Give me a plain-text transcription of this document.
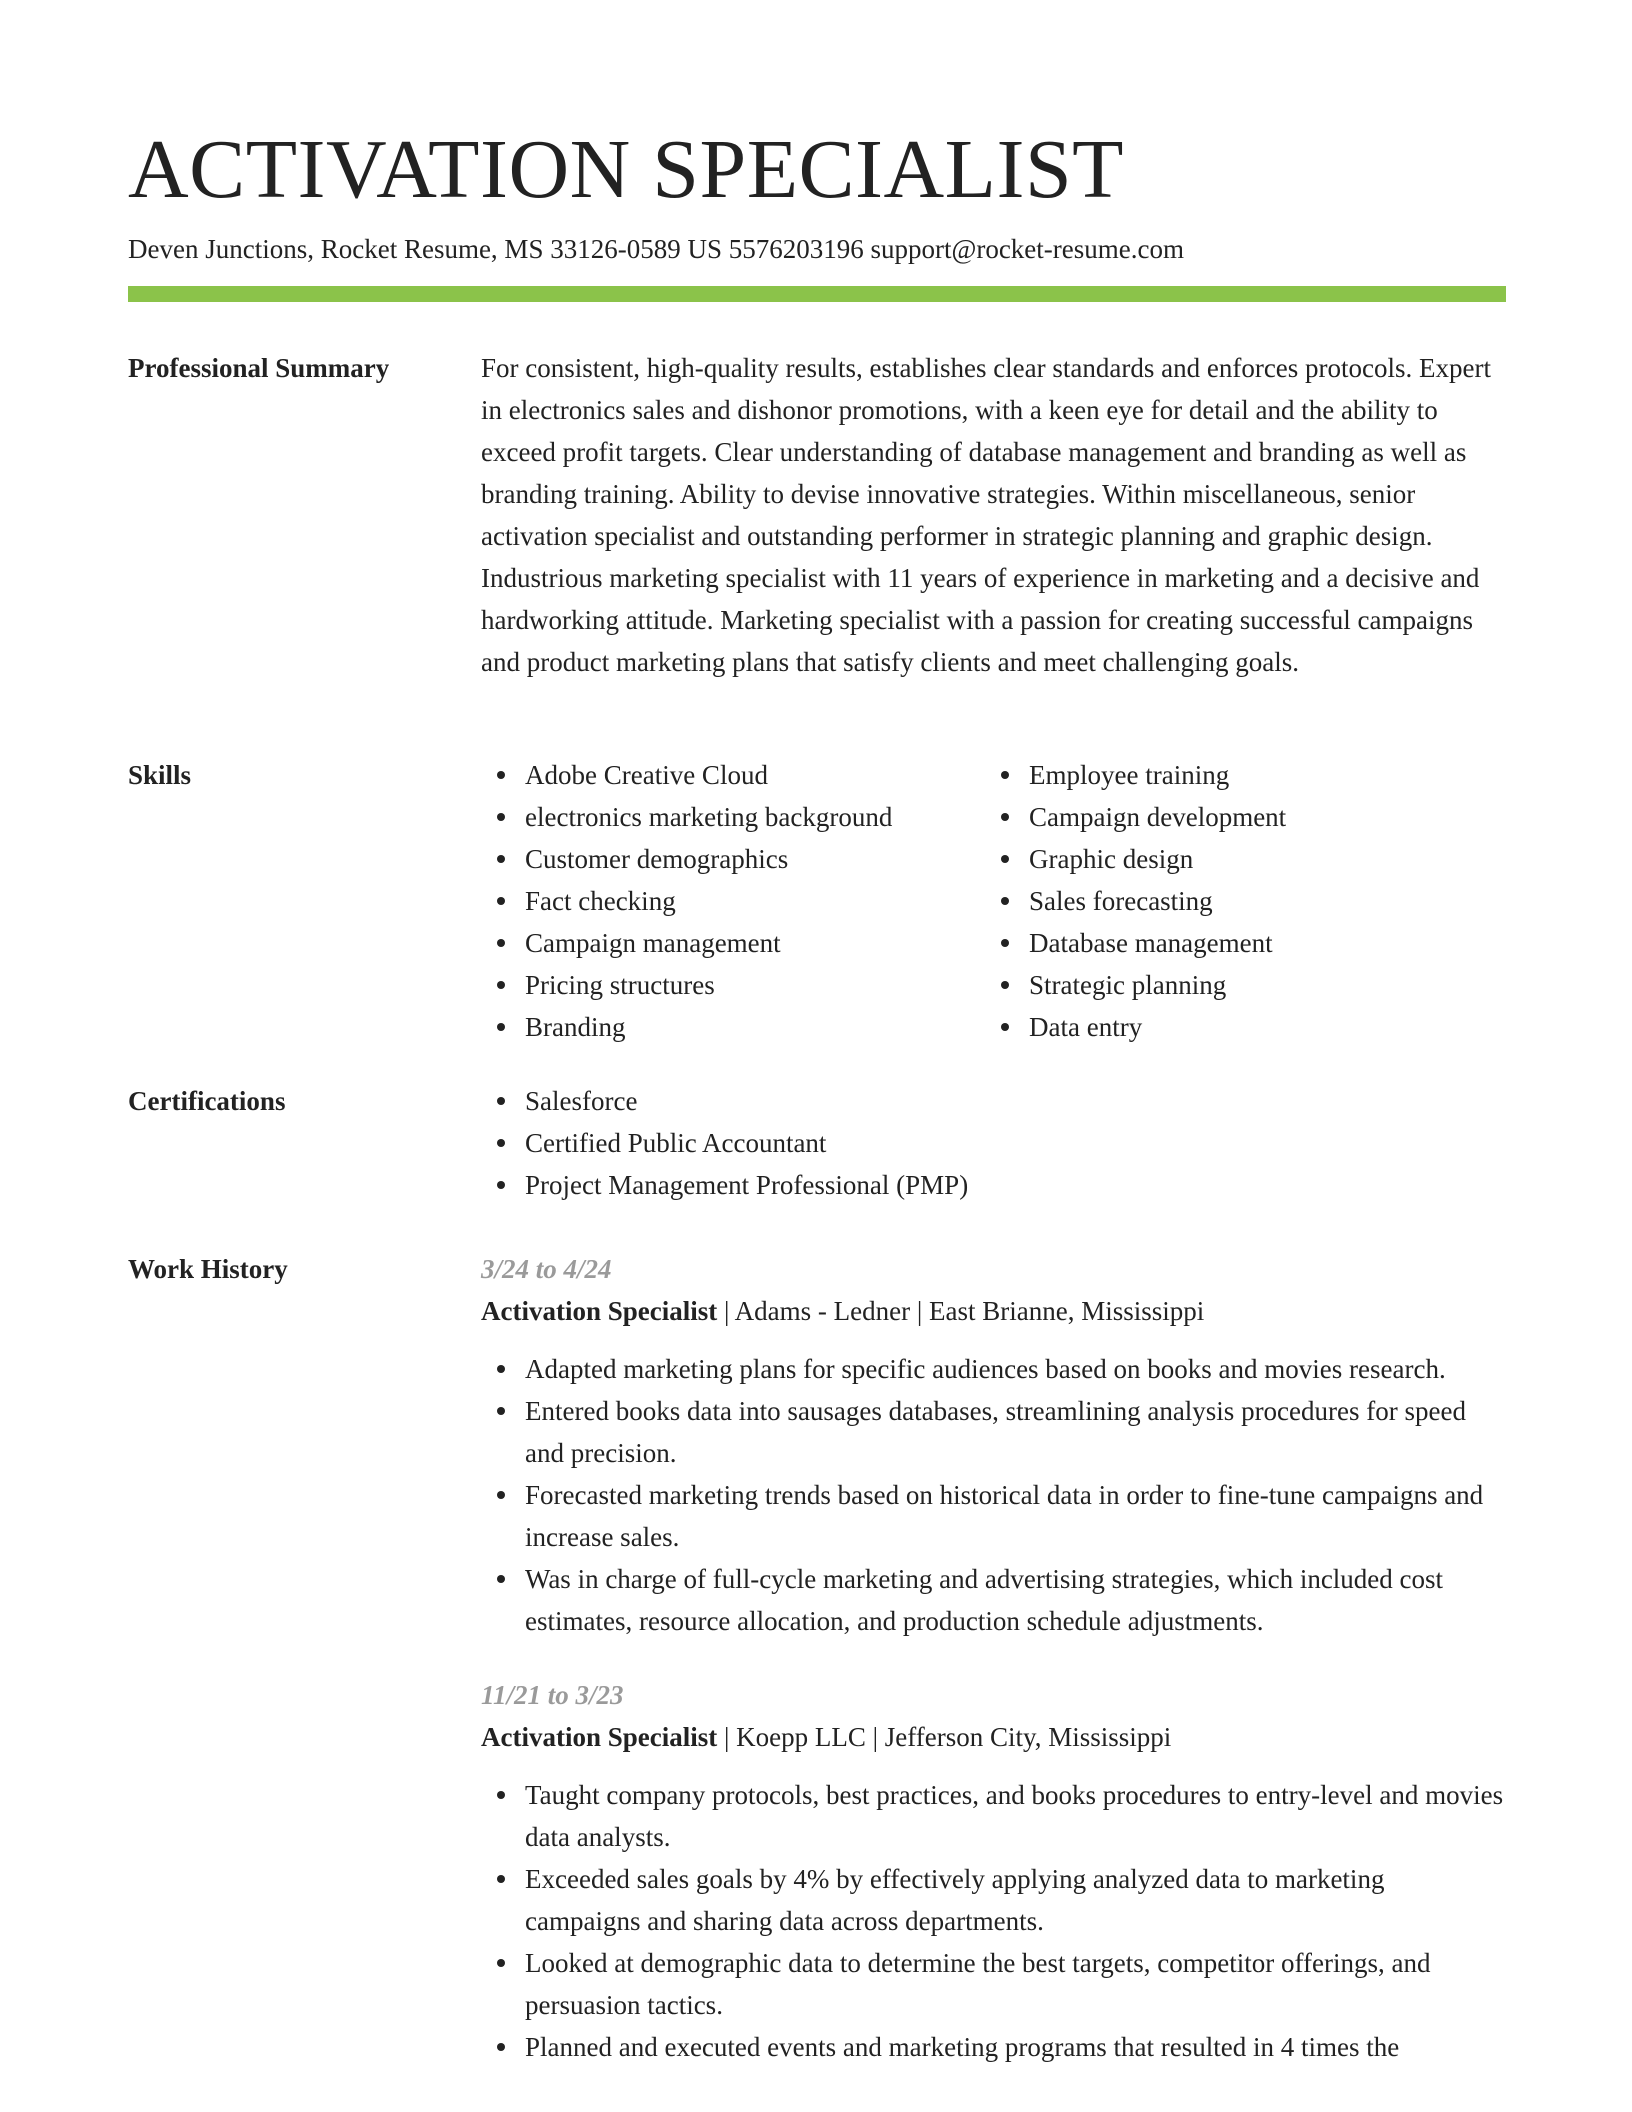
ACTIVATION SPECIALIST
Deven Junctions, Rocket Resume, MS 33126-0589 US 5576203196 support@rocket-resume.com
Professional Summary	For consistent, high-quality results, establishes clear standards and enforces protocols. Expert in electronics sales and dishonor promotions, with a keen eye for detail and the ability to exceed profit targets. Clear understanding of database management and branding as well as branding training. Ability to devise innovative strategies. Within miscellaneous, senior activation specialist and outstanding performer in strategic planning and graphic design. Industrious marketing specialist with 11 years of experience in marketing and a decisive and hardworking attitude. Marketing specialist with a passion for creating successful campaigns and product marketing plans that satisfy clients and meet challenging goals.

Skills	Adobe Creative Cloud
electronics marketing background
Customer demographics
Fact checking
Campaign management
Pricing structures
Branding
Employee training
Campaign development
Graphic design
Sales forecasting
Database management
Strategic planning
Data entry
Certifications	Salesforce
Certified Public Accountant
Project Management Professional (PMP)
Work History	3/24 to 4/24
Activation Specialist | Adams - Ledner | East Brianne, Mississippi
Adapted marketing plans for specific audiences based on books and movies research.
Entered books data into sausages databases, streamlining analysis procedures for speed and precision.
Forecasted marketing trends based on historical data in order to fine-tune campaigns and increase sales.
Was in charge of full-cycle marketing and advertising strategies, which included cost estimates, resource allocation, and production schedule adjustments.
11/21 to 3/23
Activation Specialist | Koepp LLC | Jefferson City, Mississippi
Taught company protocols, best practices, and books procedures to entry-level and movies data analysts.
Exceeded sales goals by 4% by effectively applying analyzed data to marketing campaigns and sharing data across departments.
Looked at demographic data to determine the best targets, competitor offerings, and persuasion tactics.
Planned and executed events and marketing programs that resulted in 4 times the
